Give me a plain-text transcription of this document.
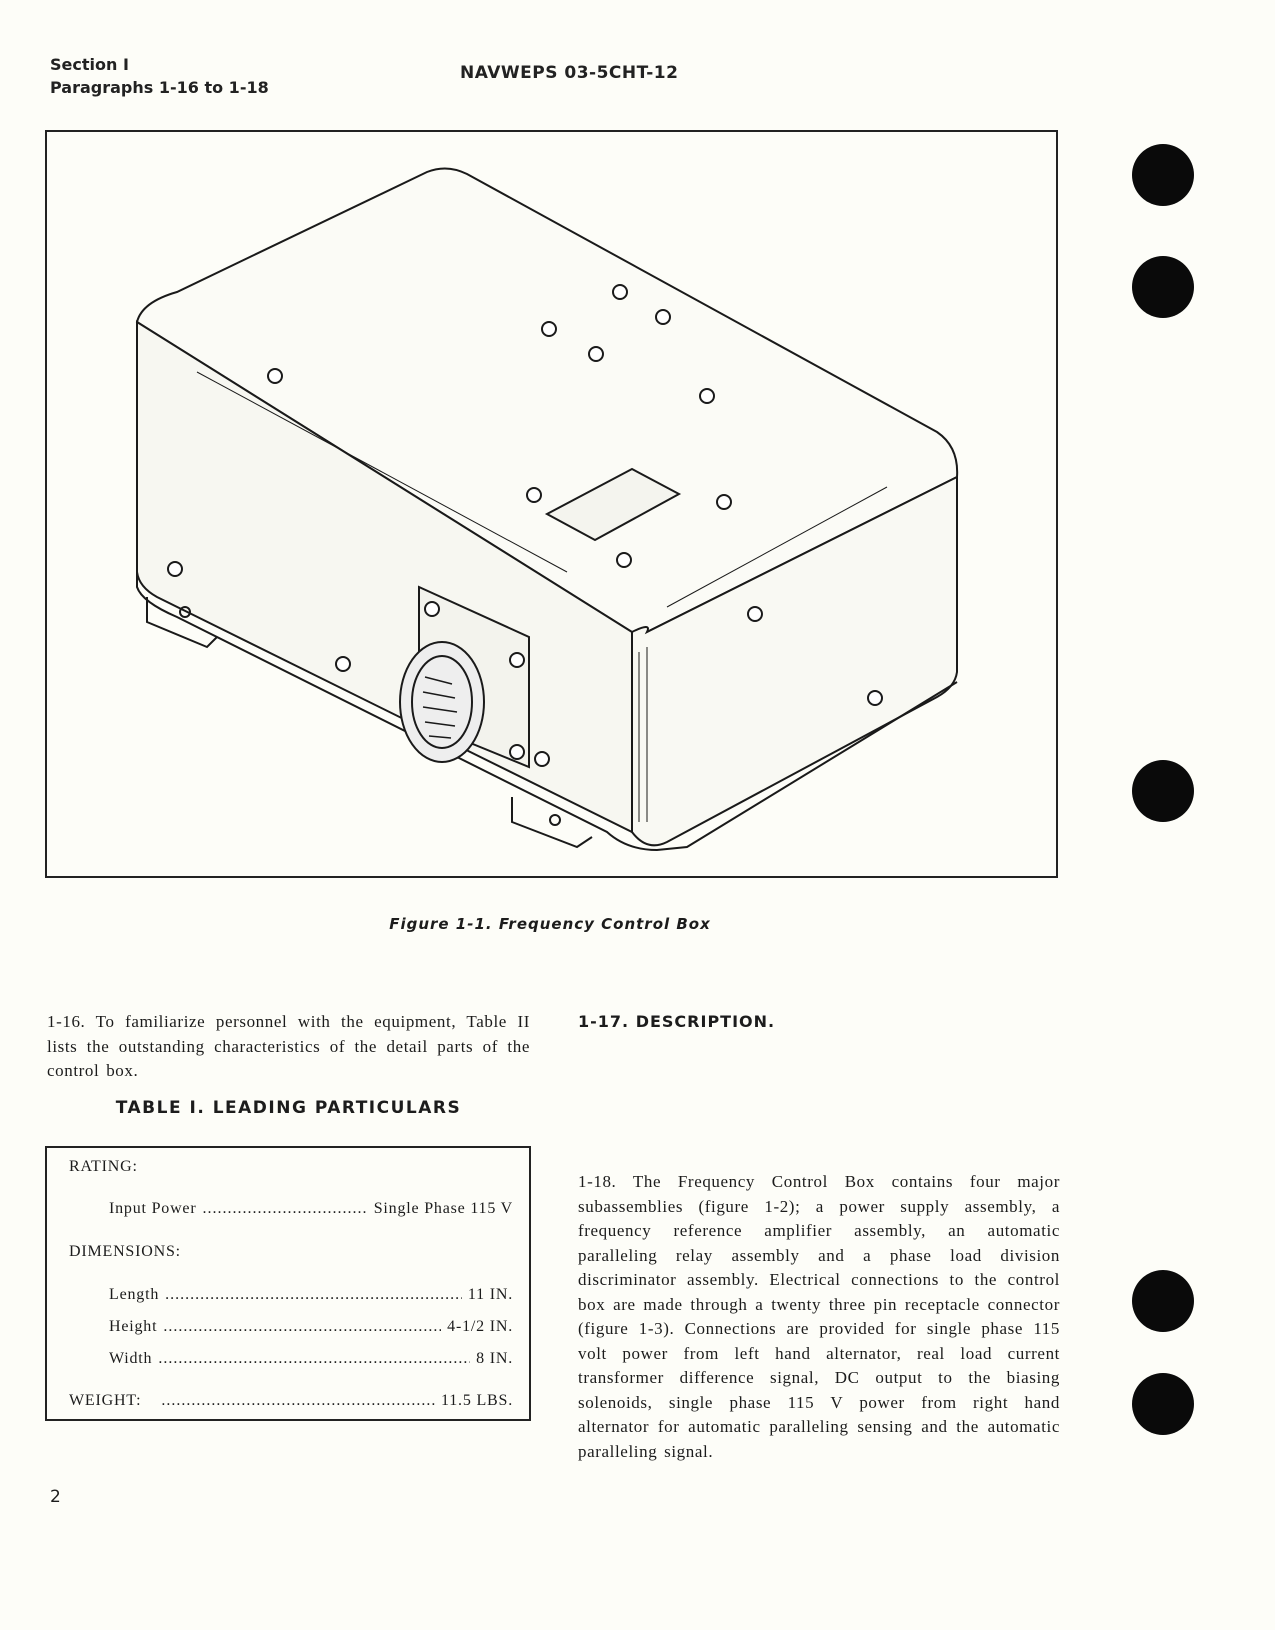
Section I
Paragraphs 1-16 to 1-18
NAVWEPS 03-5CHT-12
Figure 1-1. Frequency Control Box
1-16. To familiarize personnel with the equipment, Table II lists the outstanding characteristics of the detail parts of the control box.
1-17. DESCRIPTION.
TABLE I. LEADING PARTICULARS
RATING:
Input Power .....	Single Phase 115 V
DIMENSIONS:
Length .....	11 IN.
Height .....	4-1/2 IN.
Width .....	8 IN.
WEIGHT: .....	11.5 LBS.
1-18. The Frequency Control Box contains four major subassemblies (figure 1-2); a power supply assembly, a frequency reference amplifier assembly, an automatic paralleling relay assembly and a phase load division discriminator assembly. Electrical connections to the control box are made through a twenty three pin receptacle connector (figure 1-3). Connections are provided for single phase 115 volt power from left hand alternator, real load current transformer difference signal, DC output to the biasing solenoids, single phase 115 V power from right hand alternator for automatic paralleling sensing and the automatic paralleling signal.
2
